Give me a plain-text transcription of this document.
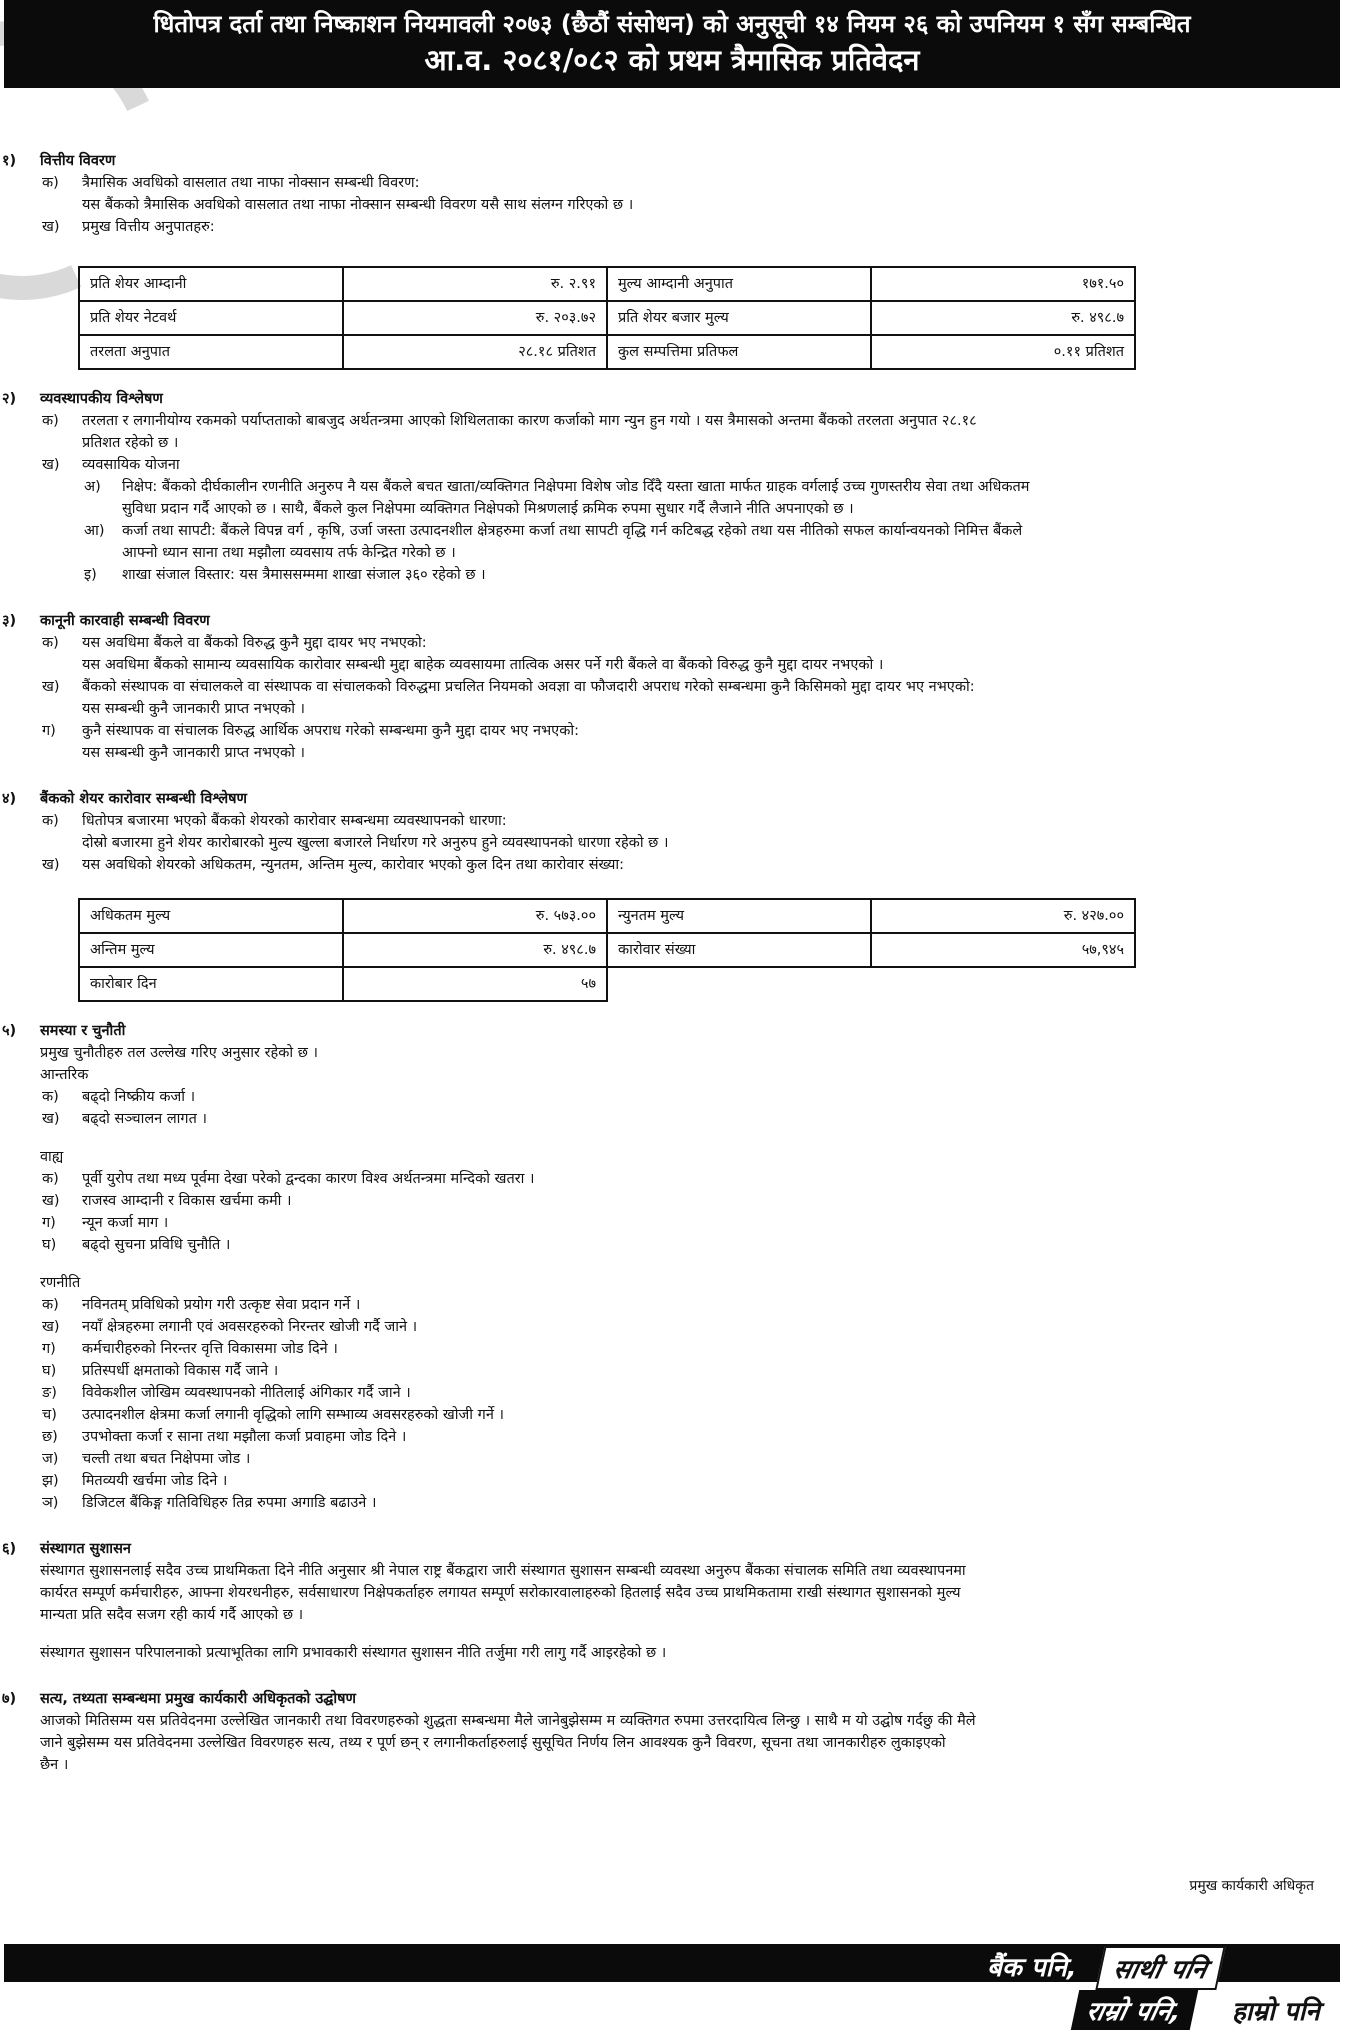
धितोपत्र दर्ता तथा निष्काशन नियमावली २०७३ (छैठौं संसोधन) को अनुसूची १४ नियम २६ को उपनियम १ सँग सम्बन्धित
आ.व. २०८१/०८२ को प्रथम त्रैमासिक प्रतिवेदन
१)	वित्तीय विवरण
क)	त्रैमासिक अवधिको वासलात तथा नाफा नोक्सान सम्बन्धी विवरण:
यस बैंकको त्रैमासिक अवधिको वासलात तथा नाफा नोक्सान सम्बन्धी विवरण यसै साथ संलग्न गरिएको छ ।
ख)	प्रमुख वित्तीय अनुपातहरु:
प्रति शेयर आम्दानी	रु. २.९१	मुल्य आम्दानी अनुपात	१७१.५०
प्रति शेयर नेटवर्थ	रु. २०३.७२	प्रति शेयर बजार मुल्य	रु. ४९८.७
तरलता अनुपात	२८.१८ प्रतिशत	कुल सम्पत्तिमा प्रतिफल	०.११ प्रतिशत
२)	व्यवस्थापकीय विश्लेषण
क)	तरलता र लगानीयोग्य रकमको पर्याप्तताको बाबजुद अर्थतन्त्रमा आएको शिथिलताका कारण कर्जाको माग न्युन हुन गयो । यस त्रैमासको अन्तमा बैंकको तरलता अनुपात २८.१८
प्रतिशत रहेको छ ।
ख)	व्यवसायिक योजना
अ)	निक्षेप: बैंकको दीर्घकालीन रणनीति अनुरुप नै यस बैंकले बचत खाता/व्यक्तिगत निक्षेपमा विशेष जोड दिँदै यस्ता खाता मार्फत ग्राहक वर्गलाई उच्च गुणस्तरीय सेवा तथा अधिकतम
सुविधा प्रदान गर्दै आएको छ । साथै, बैंकले कुल निक्षेपमा व्यक्तिगत निक्षेपको मिश्रणलाई क्रमिक रुपमा सुधार गर्दै लैजाने नीति अपनाएको छ ।
आ)	कर्जा तथा सापटी: बैंकले विपन्न वर्ग , कृषि, उर्जा जस्ता उत्पादनशील क्षेत्रहरुमा कर्जा तथा सापटी वृद्धि गर्न कटिबद्ध रहेको तथा यस नीतिको सफल कार्यान्वयनको निमित्त बैंकले
आफ्नो ध्यान साना तथा मझौला व्यवसाय तर्फ केन्द्रित गरेको छ ।
इ)	शाखा संजाल विस्तार: यस त्रैमाससम्ममा शाखा संजाल ३६० रहेको छ ।
३)	कानूनी कारवाही सम्बन्धी विवरण
क)	यस अवधिमा बैंकले वा बैंकको विरुद्ध कुनै मुद्दा दायर भए नभएको:
यस अवधिमा बैंकको सामान्य व्यवसायिक कारोवार सम्बन्धी मुद्दा बाहेक व्यवसायमा तात्विक असर पर्ने गरी बैंकले वा बैंकको विरुद्ध कुनै मुद्दा दायर नभएको ।
ख)	बैंकको संस्थापक वा संचालकले वा संस्थापक वा संचालकको विरुद्धमा प्रचलित नियमको अवज्ञा वा फौजदारी अपराध गरेको सम्बन्धमा कुनै किसिमको मुद्दा दायर भए नभएको:
यस सम्बन्धी कुनै जानकारी प्राप्त नभएको ।
ग)	कुनै संस्थापक वा संचालक विरुद्ध आर्थिक अपराध गरेको सम्बन्धमा कुनै मुद्दा दायर भए नभएको:
यस सम्बन्धी कुनै जानकारी प्राप्त नभएको ।
४)	बैंकको शेयर कारोवार सम्बन्धी विश्लेषण
क)	धितोपत्र बजारमा भएको बैंकको शेयरको कारोवार सम्बन्धमा व्यवस्थापनको धारणा:
दोस्रो बजारमा हुने शेयर कारोबारको मुल्य खुल्ला बजारले निर्धारण गरे अनुरुप हुने व्यवस्थापनको धारणा रहेको छ ।
ख)	यस अवधिको शेयरको अधिकतम, न्युनतम, अन्तिम मुल्य, कारोवार भएको कुल दिन तथा कारोवार संख्या:
अधिकतम मुल्य	रु. ५७३.००	न्युनतम मुल्य	रु. ४२७.००
अन्तिम मुल्य	रु. ४९८.७	कारोवार संख्या	५७,९४५
कारोबार दिन	५७		
५)	समस्या र चुनौती
प्रमुख चुनौतीहरु तल उल्लेख गरिए अनुसार रहेको छ ।
आन्तरिक
क)	बढ्दो निष्क्रीय कर्जा ।
ख)	बढ्दो सञ्चालन लागत ।
वाह्य
क)	पूर्वी युरोप तथा मध्य पूर्वमा देखा परेको द्वन्दका कारण विश्व अर्थतन्त्रमा मन्दिको खतरा ।
ख)	राजस्व आम्दानी र विकास खर्चमा कमी ।
ग)	न्यून कर्जा माग ।
घ)	बढ्दो सुचना प्रविधि चुनौति ।
रणनीति
क)	नविनतम् प्रविधिको प्रयोग गरी उत्कृष्ट सेवा प्रदान गर्ने ।
ख)	नयाँ क्षेत्रहरुमा लगानी एवं अवसरहरुको निरन्तर खोजी गर्दै जाने ।
ग)	कर्मचारीहरुको निरन्तर वृत्ति विकासमा जोड दिने ।
घ)	प्रतिस्पर्धी क्षमताको विकास गर्दै जाने ।
ङ)	विवेकशील जोखिम व्यवस्थापनको नीतिलाई अंगिकार गर्दै जाने ।
च)	उत्पादनशील क्षेत्रमा कर्जा लगानी वृद्धिको लागि सम्भाव्य अवसरहरुको खोजी गर्ने ।
छ)	उपभोक्ता कर्जा र साना तथा मझौला कर्जा प्रवाहमा जोड दिने ।
ज)	चल्ती तथा बचत निक्षेपमा जोड ।
झ)	मितव्ययी खर्चमा जोड दिने ।
ञ)	डिजिटल बैंकिङ्ग गतिविधिहरु तिव्र रुपमा अगाडि बढाउने ।
६)	संस्थागत सुशासन
संस्थागत सुशासनलाई सदैव उच्च प्राथमिकता दिने नीति अनुसार श्री नेपाल राष्ट्र बैंकद्वारा जारी संस्थागत सुशासन सम्बन्धी व्यवस्था अनुरुप बैंकका संचालक समिति तथा व्यवस्थापनमा
कार्यरत सम्पूर्ण कर्मचारीहरु, आफ्ना शेयरधनीहरु, सर्वसाधारण निक्षेपकर्ताहरु लगायत सम्पूर्ण सरोकारवालाहरुको हितलाई सदैव उच्च प्राथमिकतामा राखी संस्थागत सुशासनको मुल्य
मान्यता प्रति सदैव सजग रही कार्य गर्दै आएको छ ।
संस्थागत सुशासन परिपालनाको प्रत्याभूतिका लागि प्रभावकारी संस्थागत सुशासन नीति तर्जुमा गरी लागु गर्दै आइरहेको छ ।
७)	सत्य, तथ्यता सम्बन्धमा प्रमुख कार्यकारी अधिकृतको उद्घोषण
आजको मितिसम्म यस प्रतिवेदनमा उल्लेखित जानकारी तथा विवरणहरुको शुद्धता सम्बन्धमा मैले जानेबुझेसम्म म व्यक्तिगत रुपमा उत्तरदायित्व लिन्छु । साथै म यो उद्घोष गर्दछु की मैले
जाने बुझेसम्म यस प्रतिवेदनमा उल्लेखित विवरणहरु सत्य, तथ्य र पूर्ण छन् र लगानीकर्ताहरुलाई सुसूचित निर्णय लिन आवश्यक कुनै विवरण, सूचना तथा जानकारीहरु लुकाइएको
छैन ।
प्रमुख कार्यकारी अधिकृत
बैंक पनि,	साथी पनि
राम्रो पनि,	हाम्रो पनि
